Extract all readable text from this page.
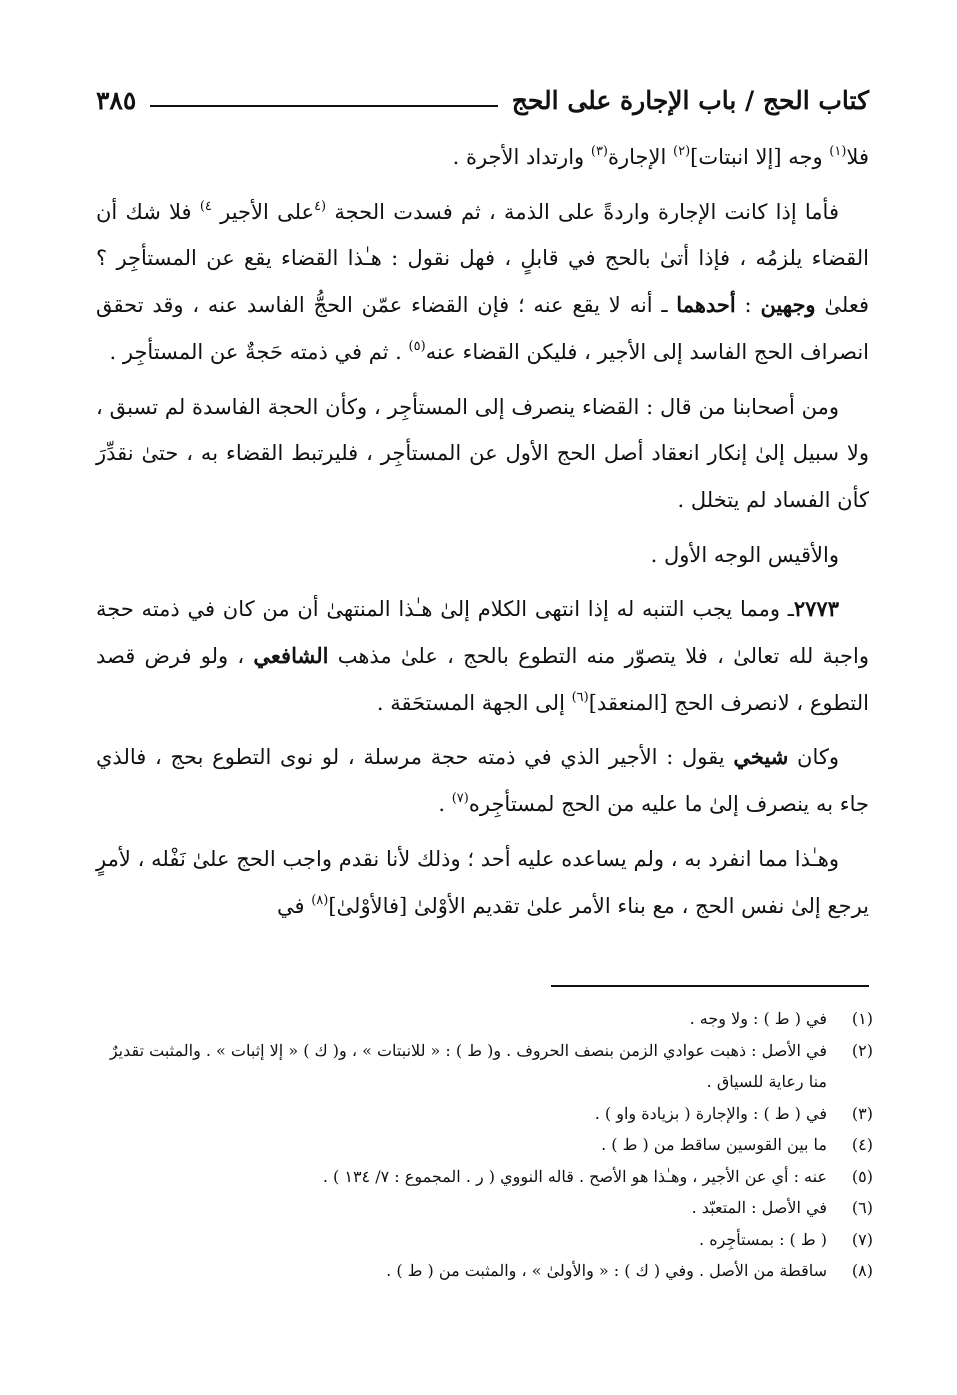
كتاب الحج / باب الإجارة على الحج
٣٨٥

فلا$^{(١)}$ وجه [إلا انبتات]$^{(٢)}$ الإجارة$^{(٣)}$ وارتداد الأجرة .

فأما إذا كانت الإجارة واردةً على الذمة ، ثم فسدت الحجة $^{(٤}$على الأجير $^{٤)}$ فلا شك أن القضاء يلزمُه ، فإذا أتىٰ بالحج في قابلٍ ، فهل نقول : هـٰذا القضاء يقع عن المستأجِر ؟ فعلىٰ وجهين : أحدهما ـ أنه لا يقع عنه ؛ فإن القضاء عمّن الحجُّ الفاسد عنه ، وقد تحقق انصراف الحج الفاسد إلى الأجير ، فليكن القضاء عنه$^{(٥)}$ . ثم في ذمته حَجةٌ عن المستأجِر .

ومن أصحابنا من قال : القضاء ينصرف إلى المستأجِر ، وكأن الحجة الفاسدة لم تسبق ، ولا سبيل إلىٰ إنكار انعقاد أصل الحج الأول عن المستأجِر ، فليرتبط القضاء به ، حتىٰ نقدِّرَ كأن الفساد لم يتخلل .

والأقيس الوجه الأول .

٢٧٧٣ـ ومما يجب التنبه له إذا انتهى الكلام إلىٰ هـٰذا المنتهىٰ أن من كان في ذمته حجة واجبة لله تعالىٰ ، فلا يتصوّر منه التطوع بالحج ، علىٰ مذهب الشافعي ، ولو فرض قصد التطوع ، لانصرف الحج [المنعقد]$^{(٦)}$ إلى الجهة المستحَقة .

وكان شيخي يقول : الأجير الذي في ذمته حجة مرسلة ، لو نوى التطوع بحج ، فالذي جاء به ينصرف إلىٰ ما عليه من الحج لمستأجِره$^{(٧)}$ .

وهـٰذا مما انفرد به ، ولم يساعده عليه أحد ؛ وذلك لأنا نقدم واجب الحج علىٰ نَفْله ، لأمرٍ يرجع إلىٰ نفس الحج ، مع بناء الأمر علىٰ تقديم الأوْلىٰ [فالأوْلىٰ]$^{(٨)}$ في

(١)
في ( ط ) : ولا وجه .
(٢)
في الأصل : ذهبت عوادي الزمن بنصف الحروف . و( ط ) : « للانبتات » ، و( ك ) « إلا إثبات » . والمثبت تقديرٌ منا رعاية للسياق .
(٣)
في ( ط ) : والإجارة ( بزيادة واو ) .
(٤)
ما بين القوسين ساقط من ( ط ) .
(٥)
عنه : أي عن الأجير ، وهـٰذا هو الأصح . قاله النووي ( ر . المجموع : ٧/ ١٣٤ ) .
(٦)
في الأصل : المتعبّد .
(٧)
( ط ) : بمستأجِره .
(٨)
ساقطة من الأصل . وفي ( ك ) : « والأولىٰ » ، والمثبت من ( ط ) .
